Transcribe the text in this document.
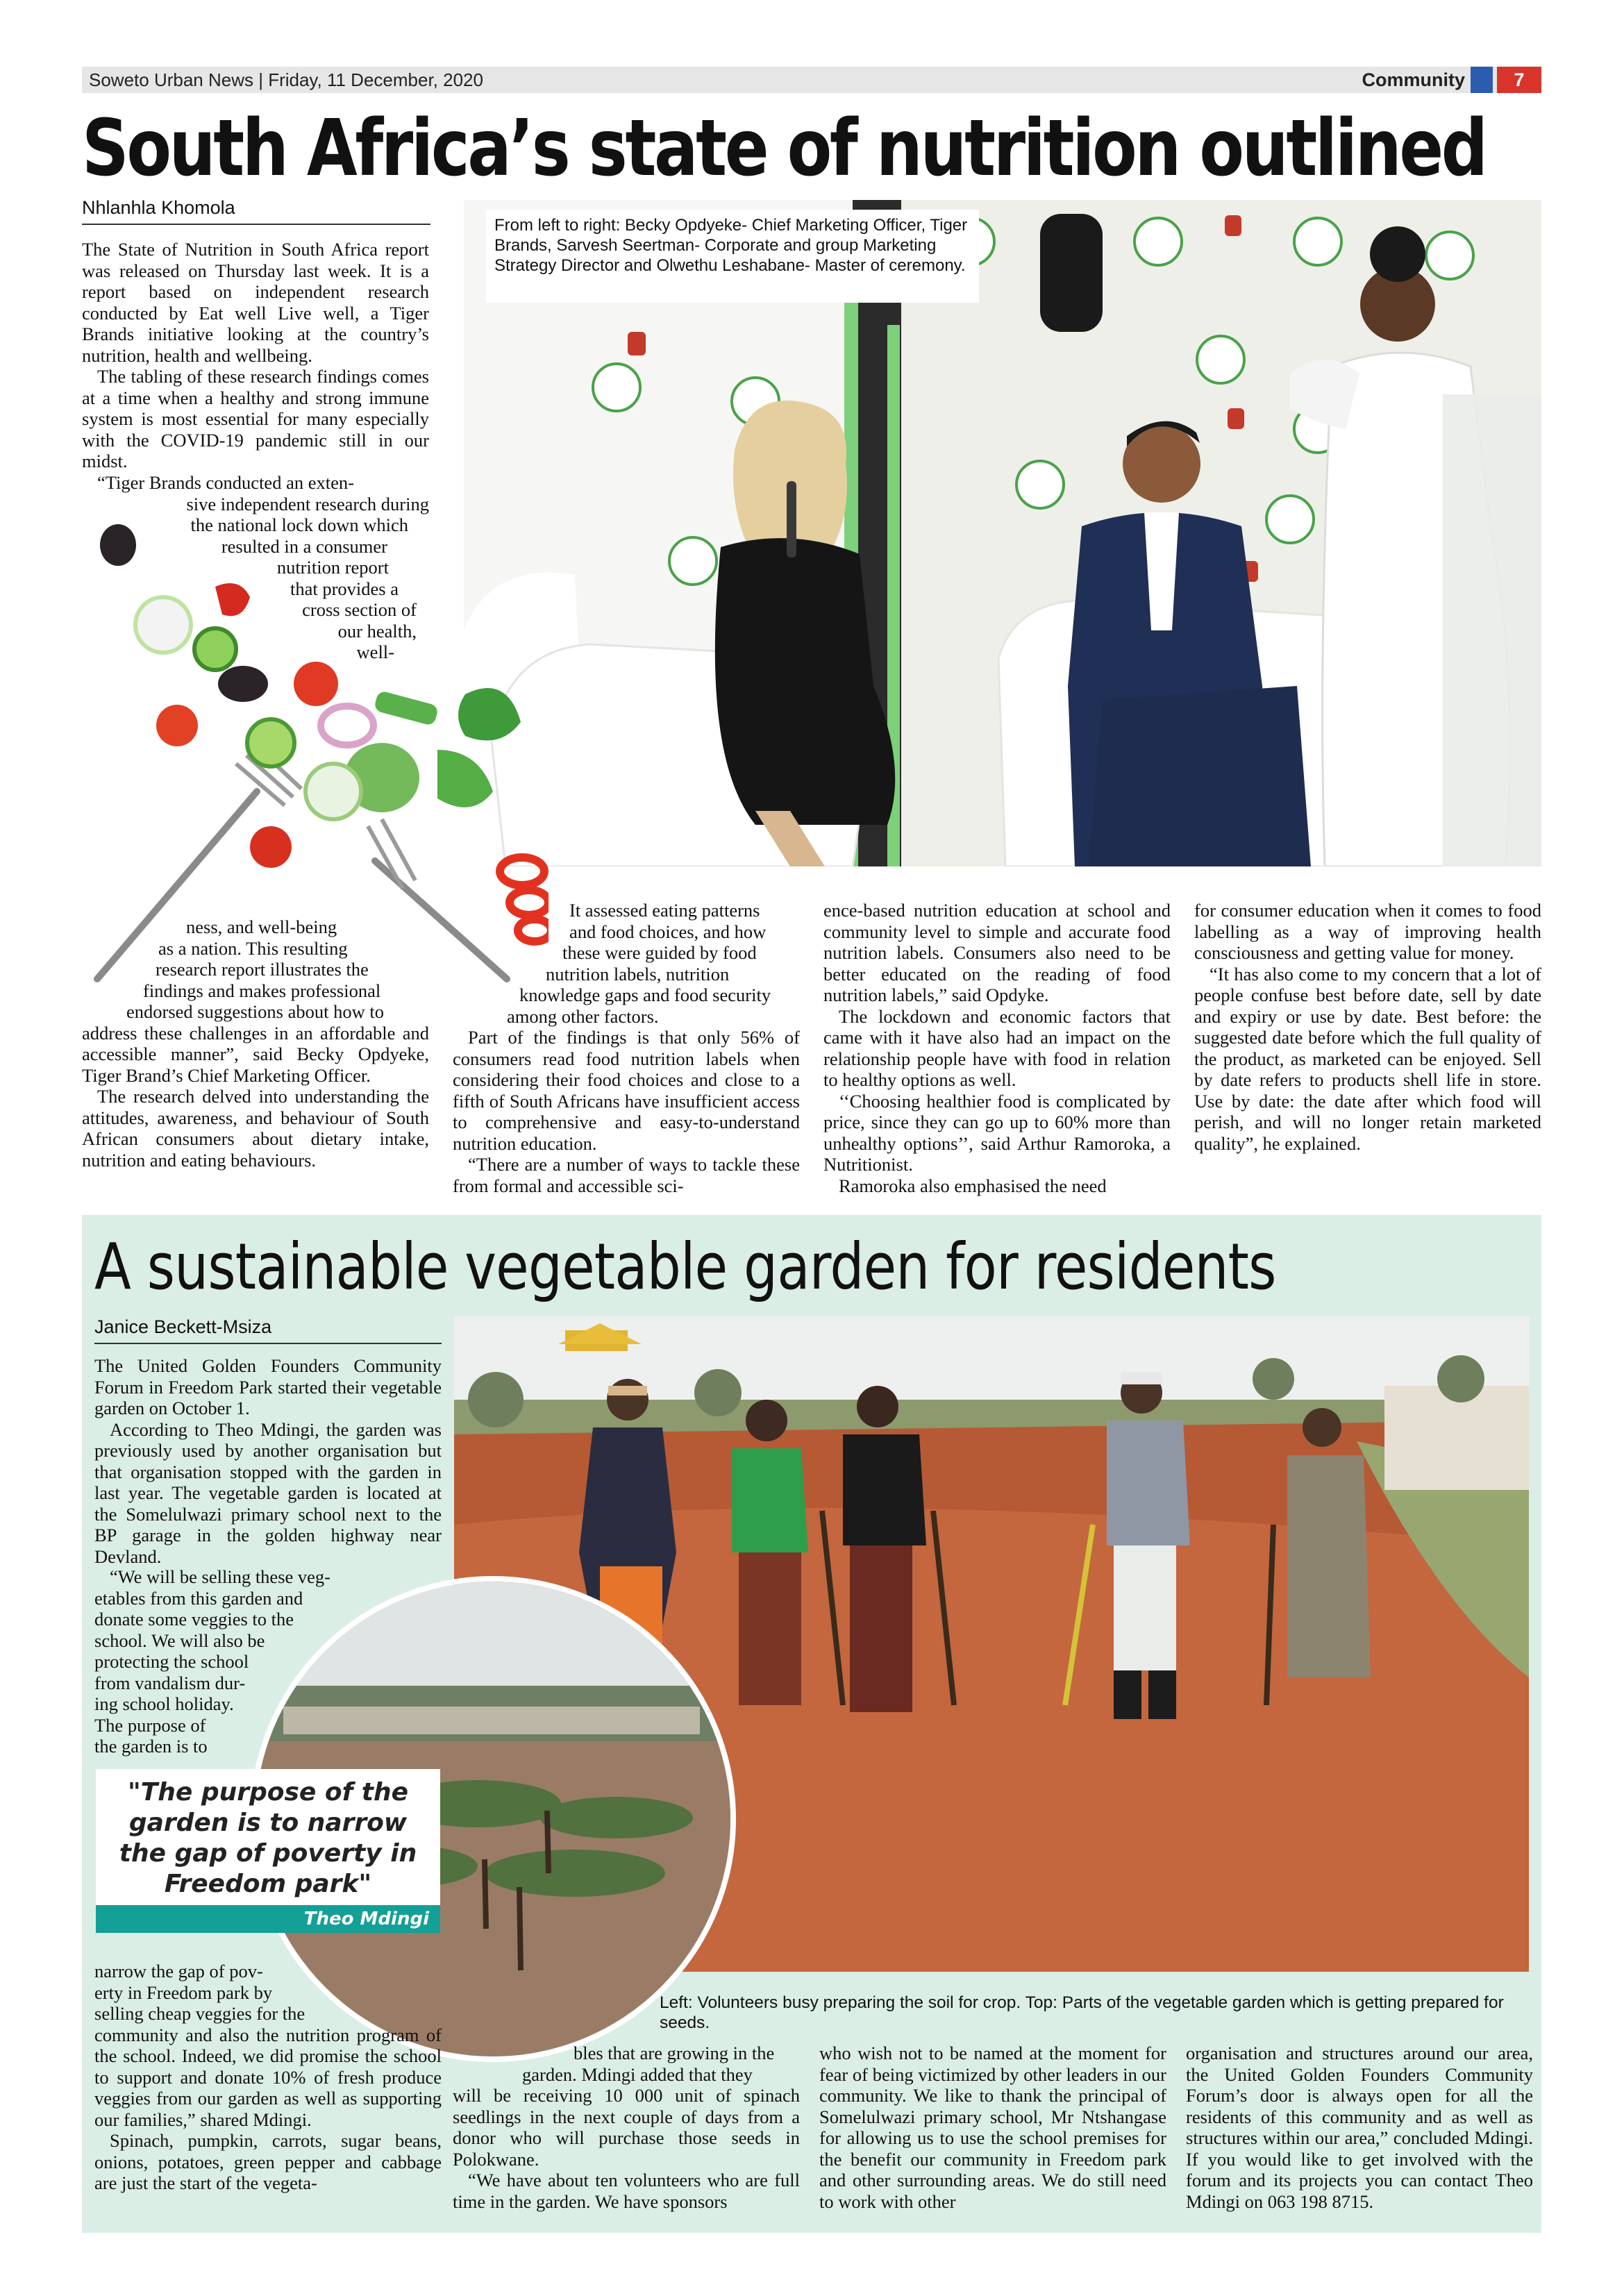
Soweto Urban News | Friday, 11 December, 2020	Community	7
South Africa’s state of nutrition outlined
Nhlanhla Khomola
From left to right: Becky Opdyeke- Chief Marketing Officer, Tiger Brands, Sarvesh Seertman- Corporate and group Marketing Strategy Director and Olwethu Leshabane- Master of ceremony.

The State of Nutrition in South Africa report was released on Thursday last week. It is a report based on independent research conducted by Eat well Live well, a Tiger Brands initiative looking at the country’s nutrition, health and wellbeing.

The tabling of these research findings comes at a time when a healthy and strong immune system is most essential for many especially with the COVID-19 pandemic still in our midst.

“Tiger Brands conducted an exten-
sive independent research during
the national lock down which
resulted in a consumer
nutrition report
that provides a
cross section of
our health,
well-
ness, and well-being
as a nation. This resulting
research report illustrates the
findings and makes professional
endorsed suggestions about how to

address these challenges in an affordable and accessible manner”, said Becky Opdyeke, Tiger Brand’s Chief Marketing Officer.

The research delved into understanding the attitudes, awareness, and behaviour of South African consumers about dietary intake, nutrition and eating behaviours.

It assessed eating patterns
and food choices, and how
these were guided by food
nutrition labels, nutrition
knowledge gaps and food security
among other factors.

Part of the findings is that only 56% of consumers read food nutrition labels when considering their food choices and close to a fifth of South Africans have insufficient access to comprehensive and easy-to-understand nutrition education.

“There are a number of ways to tackle these from formal and accessible sci-

ence-based nutrition education at school and community level to simple and accurate food nutrition labels. Consumers also need to be better educated on the reading of food nutrition labels,” said Opdyke.

The lockdown and economic factors that came with it have also had an impact on the relationship people have with food in relation to healthy options as well.

‘‘Choosing healthier food is complicated by price, since they can go up to 60% more than unhealthy options’’, said Arthur Ramoroka, a Nutritionist.

Ramoroka also emphasised the need

for consumer education when it comes to food labelling as a way of improving health consciousness and getting value for money.

“It has also come to my concern that a lot of people confuse best before date, sell by date and expiry or use by date. Best before: the suggested date before which the full quality of the product, as marketed can be enjoyed. Sell by date refers to products shell life in store. Use by date: the date after which food will perish, and will no longer retain marketed quality”, he explained.

A sustainable vegetable garden for residents
Janice Beckett-Msiza

The United Golden Founders Community Forum in Freedom Park started their vegetable garden on October 1.

According to Theo Mdingi, the garden was previously used by another organisation but that organisation stopped with the garden in last year. The vegetable garden is located at the Somelulwazi primary school next to the BP garage in the golden highway near Devland.

“We will be selling these veg-
etables from this garden and
donate some veggies to the
school. We will also be
protecting the school
from vandalism dur-
ing school holiday.
The purpose of
the garden is to
"The purpose of the garden is to narrow the gap of poverty in Freedom park"
Theo Mdingi
Left: Volunteers busy preparing the soil for crop. Top: Parts of the vegetable garden which is getting prepared for seeds.
narrow the gap of pov-
erty in Freedom park by
selling cheap veggies for the

community and also the nutrition program of the school. Indeed, we did promise the school to support and donate 10% of fresh produce veggies from our garden as well as supporting our families,” shared Mdingi.

Spinach, pumpkin, carrots, sugar beans, onions, potatoes, green pepper and cabbage are just the start of the vegeta-

bles that are growing in the
garden. Mdingi added that they

will be receiving 10 000 unit of spinach seedlings in the next couple of days from a donor who will purchase those seeds in Polokwane.

“We have about ten volunteers who are full time in the garden. We have sponsors

who wish not to be named at the moment for fear of being victimized by other leaders in our community. We like to thank the principal of Somelulwazi primary school, Mr Ntshangase for allowing us to use the school premises for the benefit our community in Freedom park and other surrounding areas. We do still need to work with other

organisation and structures around our area, the United Golden Founders Community Forum’s door is always open for all the residents of this community and as well as structures within our area,” concluded Mdingi. If you would like to get involved with the forum and its projects you can contact Theo Mdingi on 063 198 8715.
